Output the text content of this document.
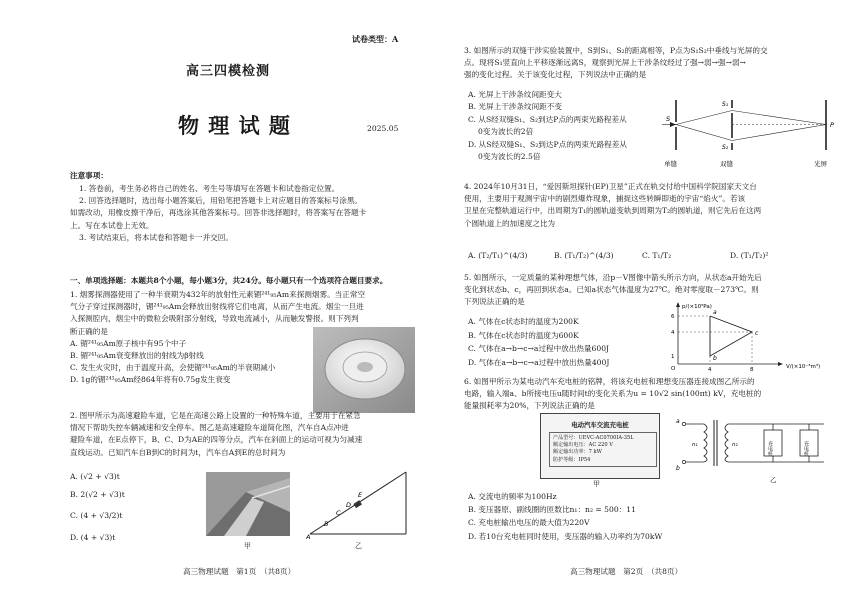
试卷类型：A
高三四模检测
物 理 试 题	2025.05
注意事项：
1. 答卷前，考生务必将自己的姓名、考生号等填写在答题卡和试卷指定位置。
2. 回答选择题时，选出每小题答案后，用铅笔把答题卡上对应题目的答案标号涂黑。
如需改动，用橡皮擦干净后，再选涂其他答案标号。回答非选择题时，将答案写在答题卡
上。写在本试卷上无效。
3. 考试结束后，将本试卷和答题卡一并交回。
一、单项选择题：本题共8个小题，每小题3分，共24分。每小题只有一个选项符合题目要求。
1. 烟雾探测器使用了一种半衰期为432年的放射性元素镅²⁴¹₉₅Am来探测烟雾。当正常空
气分子穿过探测器时，镅²⁴¹₉₅Am会释放出射线将它们电离，从而产生电流。烟尘一旦进
入探测腔内，烟尘中的微粒会吸附部分射线，导致电流减小，从而触发警报。则下列判
断正确的是
A. 镅²⁴¹₉₅Am原子核中有95个中子
B. 镅²⁴¹₉₅Am衰变释放出的射线为β射线
C. 发生火灾时，由于温度升高，会使镅²⁴¹₉₅Am的半衰期减小
D. 1g的镅²⁴¹₉₅Am经864年将有0.75g发生衰变
2. 图甲所示为高速避险车道，它是在高速公路上设置的一种特殊车道，主要用于在紧急
情况下帮助失控车辆减速和安全停车。图乙是高速避险车道简化图，汽车自A点冲进
避险车道，在E点停下，B、C、D为AE的四等分点，汽车在斜面上的运动可视为匀减速
直线运动。已知汽车自B到C的时间为t，汽车自A到E的总时间为
A. (√2 + √3)t
B. 2(√2 + √3)t
C. (4 + √3/2)t
D. (4 + √3)t
甲
A
B
C
D
E
乙
高三物理试题　第1页　（共8页）
3. 如图所示的双缝干涉实验装置中，S到S₁、S₂的距离相等，P点为S₁S₂中垂线与光屏的交
点。现将S₁竖直向上平移逐渐远离S，观察到光屏上干涉条纹经过了强→弱→强→弱→
强的变化过程。关于该变化过程，下列说法中正确的是
A. 光屏上干涉条纹间距变大
B. 光屏上干涉条纹间距不变
C. 从S经双缝S₁、S₂到达P点的两束光路程差从
0变为波长的2倍
D. 从S经双缝S₁、S₂到达P点的两束光路程差从
0变为波长的2.5倍
S
S₁
S₂
P
单缝	双缝	光屏
4. 2024年10月31日，“爱因斯坦探针(EP)卫星”正式在轨交付给中国科学院国家天文台
使用，主要用于观测宇宙中的剧烈爆炸现象，捕捉这些转瞬即逝的宇宙“焰火”。若该
卫星在完整轨道运行中，出周期为T₁的圆轨道变轨到周期为T₂的圆轨道，则它先后在这两
个圆轨道上的加速度之比为
A. (T₂/T₁)^(4/3)	B. (T₁/T₂)^(4/3)	C. T₁/T₂	D. (T₁/T₂)²
5. 如图所示，一定质量的某种理想气体，沿p－V图像中箭头所示方向，从状态a开始先后
变化到状态b、c，再回到状态a。已知a状态气体温度为27℃。绝对零度取－273℃。则
下列说法正确的是
A. 气体在c状态时的温度为200K
B. 气体在c状态时的温度为600K
C. 气体在a→b→c→a过程中放出热量600J
D. 气体在a→b→c→a过程中放出热量400J
p/(×10⁵Pa)
V/(×10⁻³m³)
6
4
1
O	4	8
a
b
c
6. 如图甲所示为某电动汽车充电桩的铭牌，将该充电桩和理想变压器连接成图乙所示的
电路，输入端a、b所接电压u随时间t的变化关系为u = 10√2 sin(100πt) kV，充电桩的
能量损耗率为20%，下列说法正确的是
电动汽车交流充电桩
产品型号：UEVC-AC0700IA-35L
额定输出电压：AC 220 V
额定输出功率：7 kW
防护等级：IP54
甲
a
b
n₁	n₂	充电桩	充电桩
乙
A. 交流电的频率为100Hz
B. 变压器原、副线圈的匝数比n₁：n₂ = 500：11
C. 充电桩输出电压的最大值为220V
D. 若10台充电桩同时使用，变压器的输入功率约为70kW
高三物理试题　第2页　（共8页）
